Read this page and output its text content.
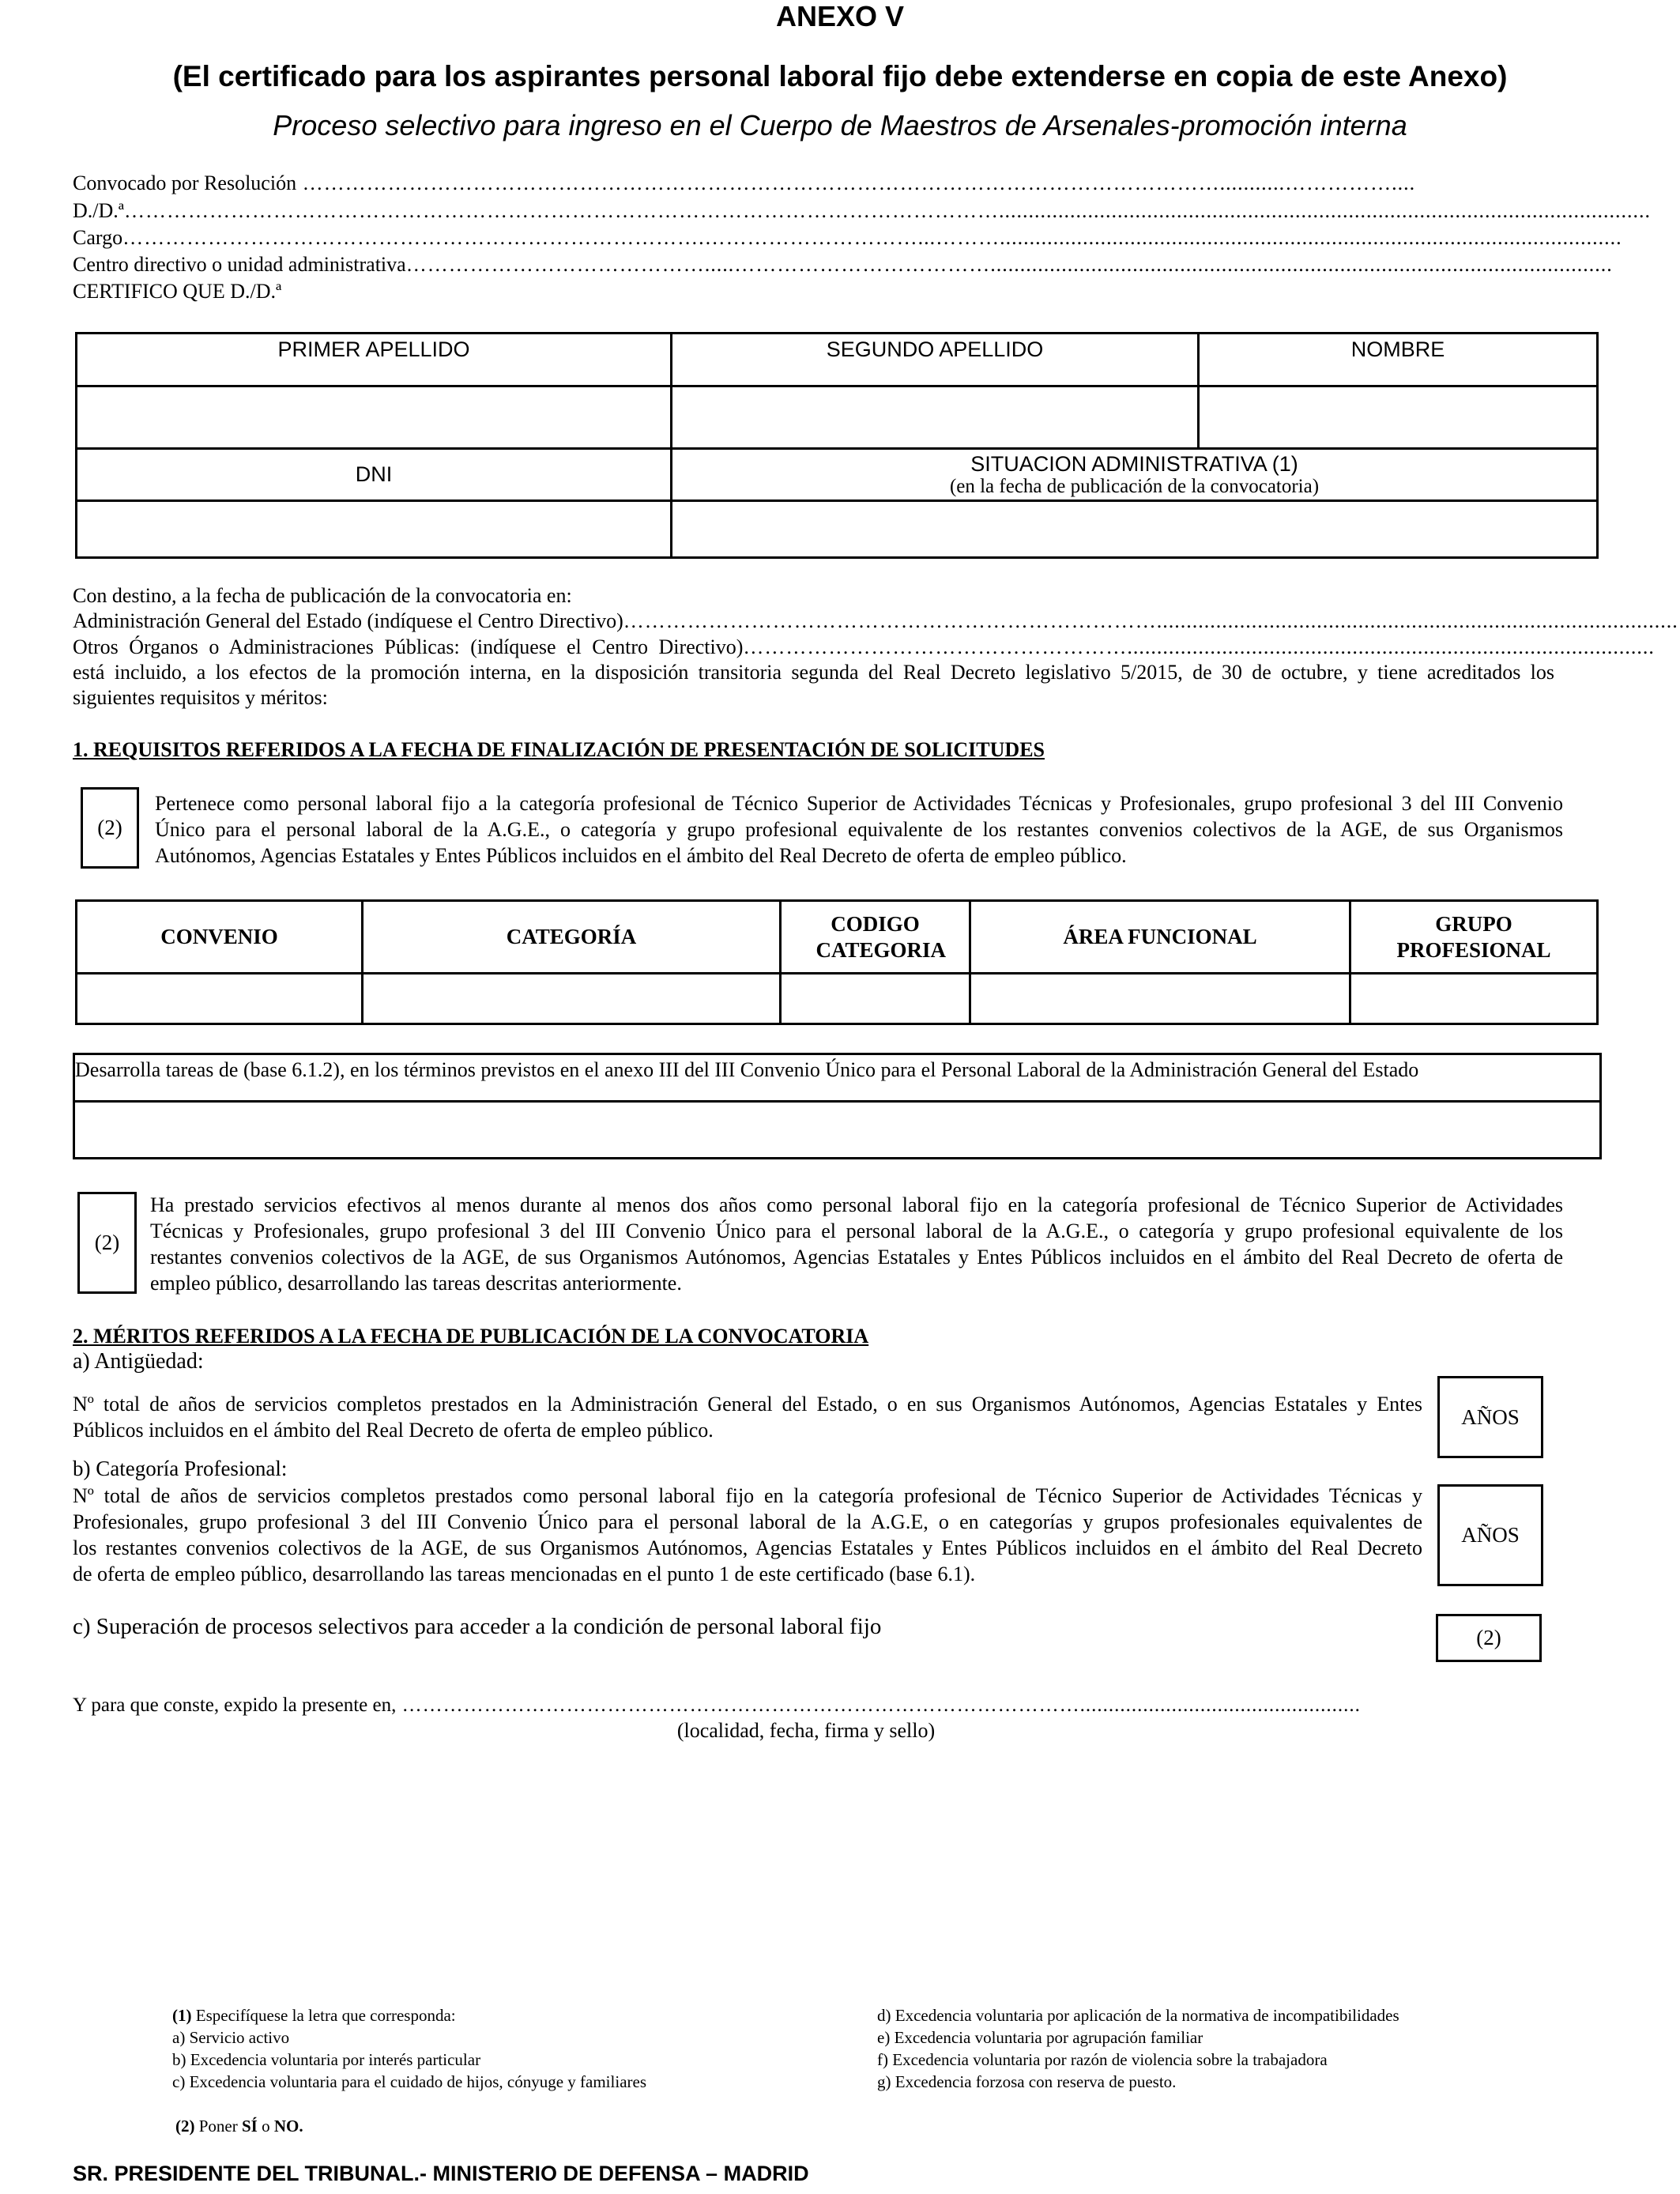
ANEXO V
(El certificado para los aspirantes personal laboral fijo debe extenderse en copia de este Anexo)
Proceso selectivo para ingreso en el Cuerpo de Maestros de Arsenales-promoción interna
Convocado por Resolución …………………………………………………………………………………………………………………...........……………....
D./D.ª……………………………………………………………………………………………………………..............................................................................................................
Cargo……………………………………………………………………….…………………………...……….........................................................................................................
Centro directivo o unidad administrativa…………………………………….....……………………………….........................................................................................................
CERTIFICO QUE D./D.ª
PRIMER APELLIDO	SEGUNDO APELLIDO	NOMBRE

DNI	SITUACION ADMINISTRATIVA (1)
(en la fecha de publicación de la convocatoria)	

Con destino, a la fecha de publicación de la convocatoria en:
Administración General del Estado (indíquese el Centro Directivo)…………………………………………………………………........................................................................................
Otros Órganos o Administraciones Públicas: (indíquese el Centro Directivo)……………………………………………….........................................................................................
está incluido, a los efectos de la promoción interna, en la disposición transitoria segunda del Real Decreto legislativo 5/2015, de 30 de octubre, y tiene acreditados los
siguientes requisitos y méritos:
1. REQUISITOS REFERIDOS A LA FECHA DE FINALIZACIÓN DE PRESENTACIÓN DE SOLICITUDES
(2)
Pertenece como personal laboral fijo a la categoría profesional de Técnico Superior de Actividades Técnicas y Profesionales, grupo profesional 3 del III Convenio
Único para el personal laboral de la A.G.E., o categoría y grupo profesional equivalente de los restantes convenios colectivos de la AGE, de sus Organismos
Autónomos, Agencias Estatales y Entes Públicos incluidos en el ámbito del Real Decreto de oferta de empleo público.
CONVENIO	CATEGORÍA	CODIGO CATEGORIA	ÁREA FUNCIONAL	GRUPO PROFESIONAL

Desarrolla tareas de (base 6.1.2), en los términos previstos en el anexo III del III Convenio Único para el Personal Laboral de la Administración General del Estado

(2)
Ha prestado servicios efectivos al menos durante al menos dos años como personal laboral fijo en la categoría profesional de Técnico Superior de Actividades
Técnicas y Profesionales, grupo profesional 3 del III Convenio Único para el personal laboral de la A.G.E., o categoría y grupo profesional equivalente de los
restantes convenios colectivos de la AGE, de sus Organismos Autónomos, Agencias Estatales y Entes Públicos incluidos en el ámbito del Real Decreto de oferta de
empleo público, desarrollando las tareas descritas anteriormente.
2. MÉRITOS REFERIDOS A LA FECHA DE PUBLICACIÓN DE LA CONVOCATORIA
a) Antigüedad:
Nº total de años de servicios completos prestados en la Administración General del Estado, o en sus Organismos Autónomos, Agencias Estatales y Entes
Públicos incluidos en el ámbito del Real Decreto de oferta de empleo público.
AÑOS
b) Categoría Profesional:
Nº total de años de servicios completos prestados como personal laboral fijo en la categoría profesional de Técnico Superior de Actividades Técnicas y
Profesionales, grupo profesional 3 del III Convenio Único para el personal laboral de la A.G.E, o en categorías y grupos profesionales equivalentes de
los restantes convenios colectivos de la AGE, de sus Organismos Autónomos, Agencias Estatales y Entes Públicos incluidos en el ámbito del Real Decreto
de oferta de empleo público, desarrollando las tareas mencionadas en el punto 1 de este certificado (base 6.1).
AÑOS
c) Superación de procesos selectivos para acceder a la condición de personal laboral fijo	(2)
Y para que conste, expido la presente en, ……………………………………………………………………………………….................................................
(localidad, fecha, firma y sello)
(1) Especifíquese la letra que corresponda:
a) Servicio activo
b) Excedencia voluntaria por interés particular
c) Excedencia voluntaria para el cuidado de hijos, cónyuge y familiares
d) Excedencia voluntaria por aplicación de la normativa de incompatibilidades
e) Excedencia voluntaria por agrupación familiar
f) Excedencia voluntaria por razón de violencia sobre la trabajadora
g) Excedencia forzosa con reserva de puesto.
(2) Poner SÍ o NO.
SR. PRESIDENTE DEL TRIBUNAL.- MINISTERIO DE DEFENSA – MADRID
